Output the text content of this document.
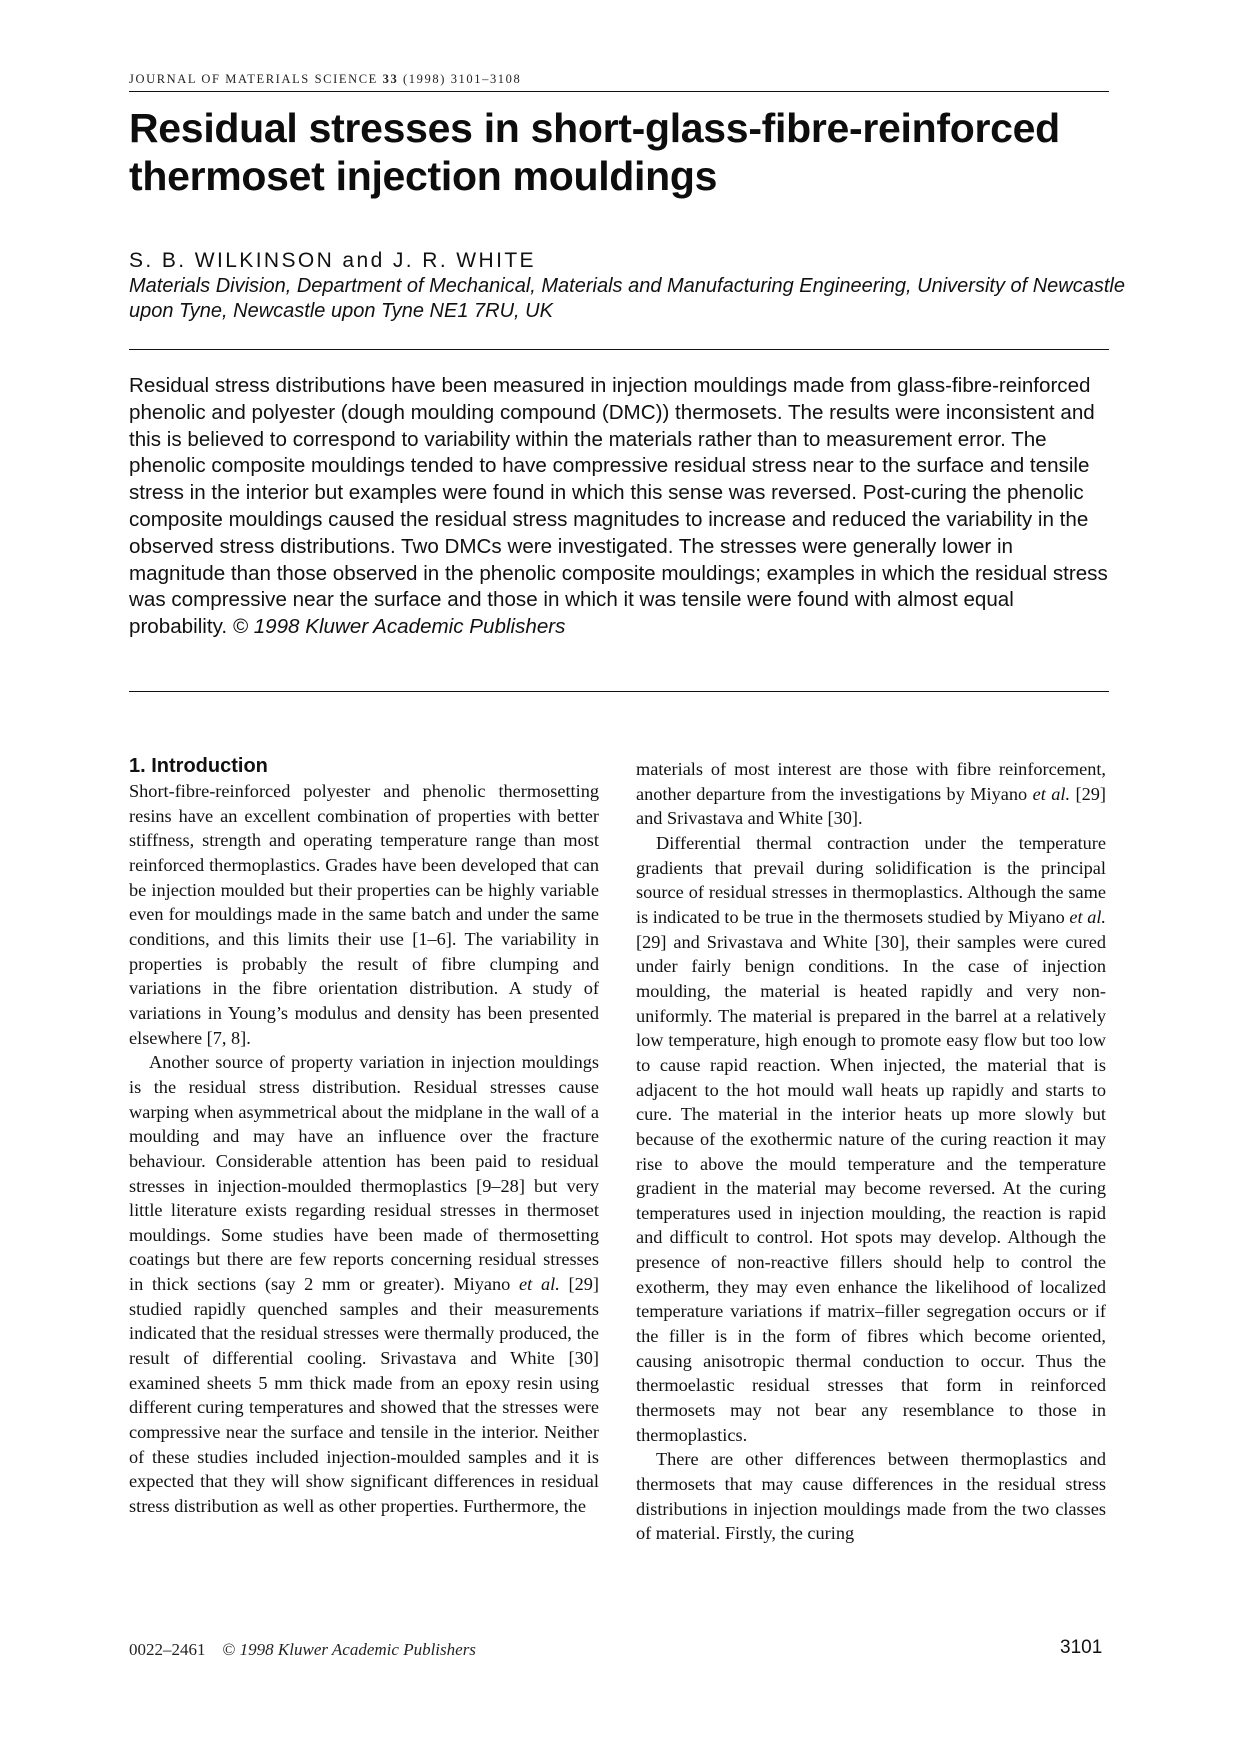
JOURNAL OF MATERIALS SCIENCE 33 (1998) 3101–3108
Residual stresses in short-glass-fibre-reinforced thermoset injection mouldings
S. B. WILKINSON and J. R. WHITE
Materials Division, Department of Mechanical, Materials and Manufacturing Engineering, University of Newcastle upon Tyne, Newcastle upon Tyne NE1 7RU, UK
Residual stress distributions have been measured in injection mouldings made from glass-fibre-reinforced phenolic and polyester (dough moulding compound (DMC)) thermosets. The results were inconsistent and this is believed to correspond to variability within the materials rather than to measurement error. The phenolic composite mouldings tended to have compressive residual stress near to the surface and tensile stress in the interior but examples were found in which this sense was reversed. Post-curing the phenolic composite mouldings caused the residual stress magnitudes to increase and reduced the variability in the observed stress distributions. Two DMCs were investigated. The stresses were generally lower in magnitude than those observed in the phenolic composite mouldings; examples in which the residual stress was compressive near the surface and those in which it was tensile were found with almost equal probability. © 1998 Kluwer Academic Publishers
1. Introduction

Short-fibre-reinforced polyester and phenolic thermosetting resins have an excellent combination of properties with better stiffness, strength and operating temperature range than most reinforced thermoplastics. Grades have been developed that can be injection moulded but their properties can be highly variable even for mouldings made in the same batch and under the same conditions, and this limits their use [1–6]. The variability in properties is probably the result of fibre clumping and variations in the fibre orientation distribution. A study of variations in Young’s modulus and density has been presented elsewhere [7, 8].

Another source of property variation in injection mouldings is the residual stress distribution. Residual stresses cause warping when asymmetrical about the midplane in the wall of a moulding and may have an influence over the fracture behaviour. Considerable attention has been paid to residual stresses in injection-moulded thermoplastics [9–28] but very little literature exists regarding residual stresses in thermoset mouldings. Some studies have been made of thermosetting coatings but there are few reports concerning residual stresses in thick sections (say 2 mm or greater). Miyano et al. [29] studied rapidly quenched samples and their measurements indicated that the residual stresses were thermally produced, the result of differential cooling. Srivastava and White [30] examined sheets 5 mm thick made from an epoxy resin using different curing temperatures and showed that the stresses were compressive near the surface and tensile in the interior. Neither of these studies included injection-moulded samples and it is expected that they will show significant differences in residual stress distribution as well as other properties. Furthermore, the

materials of most interest are those with fibre reinforcement, another departure from the investigations by Miyano et al. [29] and Srivastava and White [30].

Differential thermal contraction under the temperature gradients that prevail during solidification is the principal source of residual stresses in thermoplastics. Although the same is indicated to be true in the thermosets studied by Miyano et al. [29] and Srivastava and White [30], their samples were cured under fairly benign conditions. In the case of injection moulding, the material is heated rapidly and very non-uniformly. The material is prepared in the barrel at a relatively low temperature, high enough to promote easy flow but too low to cause rapid reaction. When injected, the material that is adjacent to the hot mould wall heats up rapidly and starts to cure. The material in the interior heats up more slowly but because of the exothermic nature of the curing reaction it may rise to above the mould temperature and the temperature gradient in the material may become reversed. At the curing temperatures used in injection moulding, the reaction is rapid and difficult to control. Hot spots may develop. Although the presence of non-reactive fillers should help to control the exotherm, they may even enhance the likelihood of localized temperature variations if matrix–filler segregation occurs or if the filler is in the form of fibres which become oriented, causing anisotropic thermal conduction to occur. Thus the thermoelastic residual stresses that form in reinforced thermosets may not bear any resemblance to those in thermoplastics.

There are other differences between thermoplastics and thermosets that may cause differences in the residual stress distributions in injection mouldings made from the two classes of material. Firstly, the curing

0022–2461 © 1998 Kluwer Academic Publishers	3101
